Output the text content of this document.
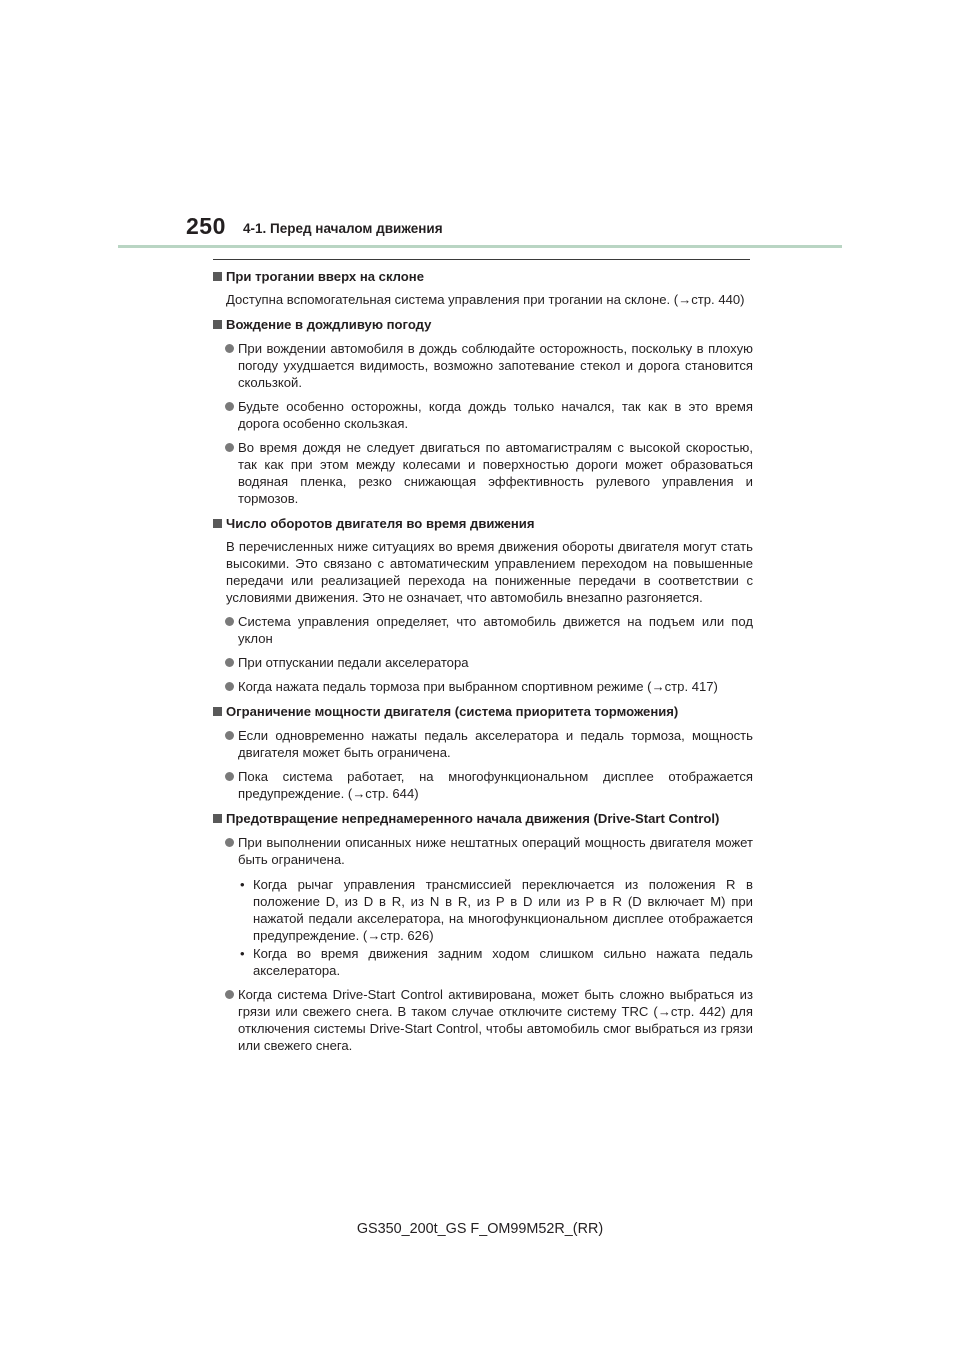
250 4-1. Перед началом движения
При трогании вверх на склоне
Доступна вспомогательная система управления при трогании на склоне. (→стр. 440)
Вождение в дождливую погоду
При вождении автомобиля в дождь соблюдайте осторожность, поскольку в плохую погоду ухудшается видимость, возможно запотевание стекол и дорога становится скользкой.
Будьте особенно осторожны, когда дождь только начался, так как в это время дорога особенно скользкая.
Во время дождя не следует двигаться по автомагистралям с высокой скоростью, так как при этом между колесами и поверхностью дороги может образоваться водяная пленка, резко снижающая эффективность рулевого управления и тормозов.
Число оборотов двигателя во время движения
В перечисленных ниже ситуациях во время движения обороты двигателя могут стать высокими. Это связано с автоматическим управлением переходом на повышенные передачи или реализацией перехода на пониженные передачи в соответствии с условиями движения. Это не означает, что автомобиль внезапно разгоняется.
Система управления определяет, что автомобиль движется на подъем или под уклон
При отпускании педали акселератора
Когда нажата педаль тормоза при выбранном спортивном режиме (→стр. 417)
Ограничение мощности двигателя (система приоритета торможения)
Если одновременно нажаты педаль акселератора и педаль тормоза, мощность двигателя может быть ограничена.
Пока система работает, на многофункциональном дисплее отображается предупреждение. (→стр. 644)
Предотвращение непреднамеренного начала движения (Drive-Start Control)
При выполнении описанных ниже нештатных операций мощность двигателя может быть ограничена.
• Когда рычаг управления трансмиссией переключается из положения R в положение D, из D в R, из N в R, из P в D или из P в R (D включает M) при нажатой педали акселератора, на многофункциональном дисплее отображается предупреждение. (→стр. 626)
• Когда во время движения задним ходом слишком сильно нажата педаль акселератора.
Когда система Drive-Start Control активирована, может быть сложно выбраться из грязи или свежего снега. В таком случае отключите систему TRC (→стр. 442) для отключения системы Drive-Start Control, чтобы автомобиль смог выбраться из грязи или свежего снега.
GS350_200t_GS F_OM99M52R_(RR)
